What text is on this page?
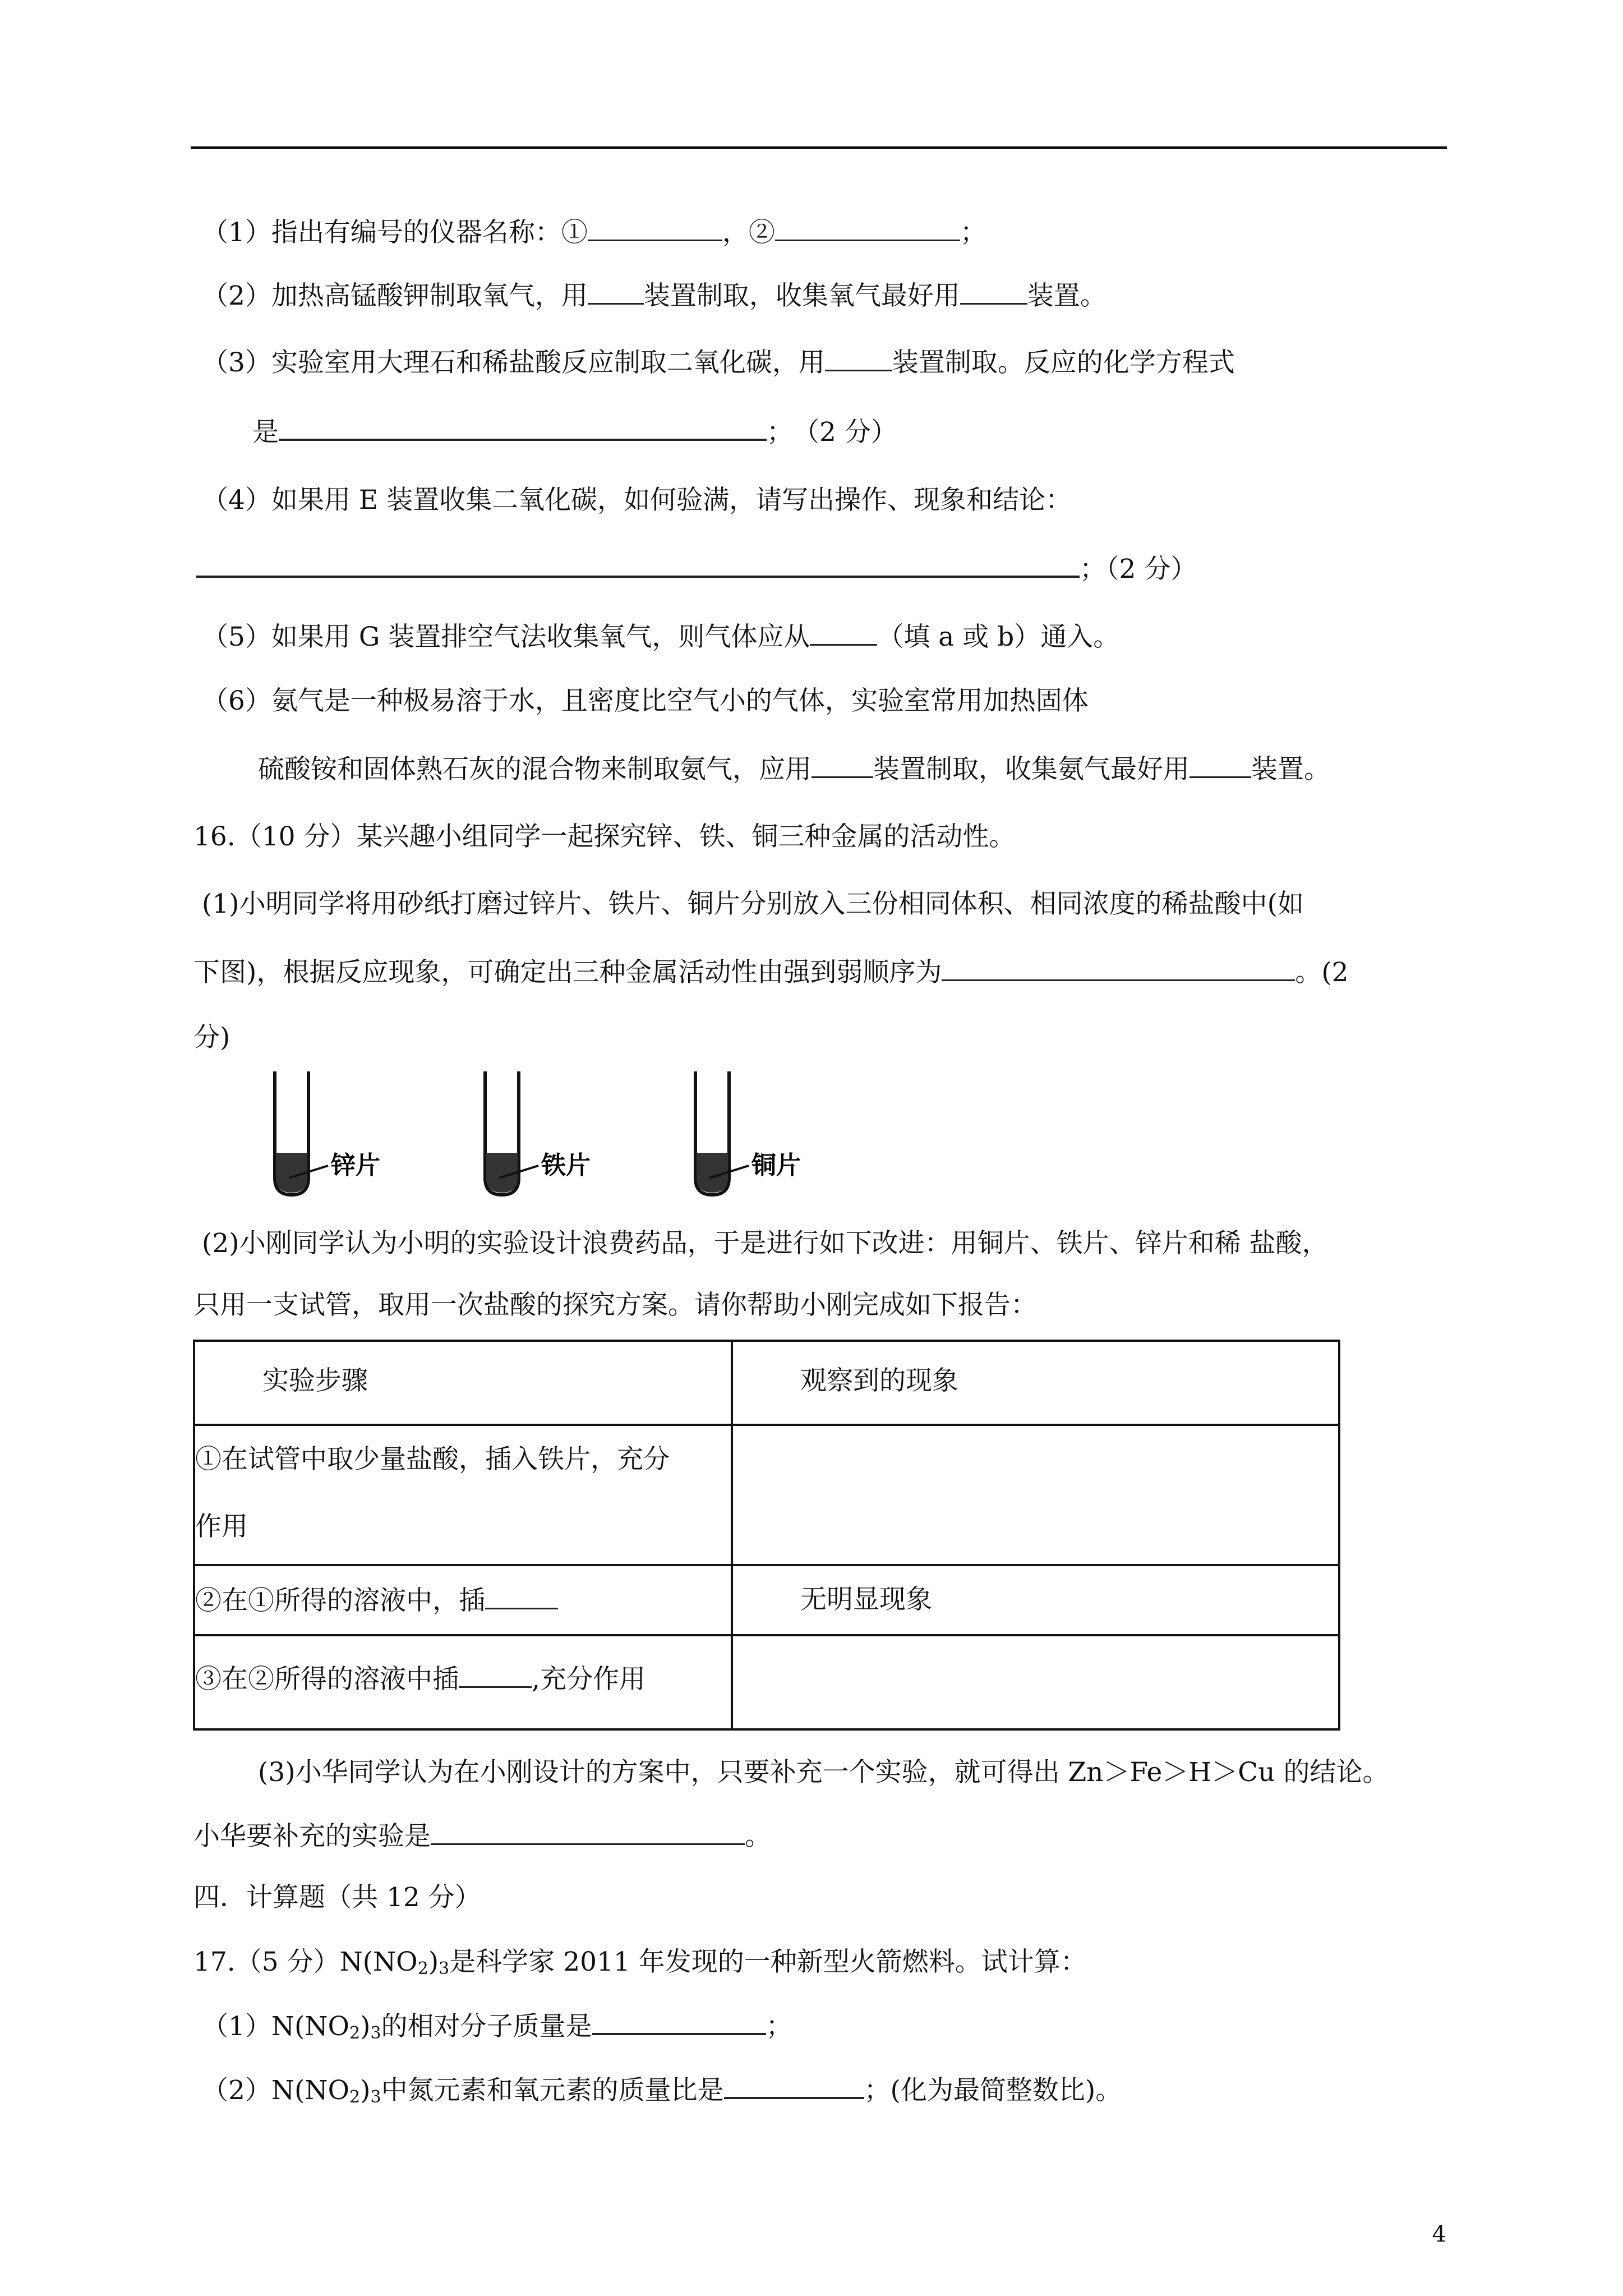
（1）指出有编号的仪器名称：①	，②	；
（2）加热高锰酸钾制取氧气，用 装置制取，收集氧气最好用	装置。
（3）实验室用大理石和稀盐酸反应制取二氧化碳，用	装置制取。反应的化学方程式
是	；　（2 分）
（4）如果用 E 装置收集二氧化碳，如何验满，请写出操作、现象和结论：
；（2 分）
（5）如果用 G 装置排空气法收集氧气，则气体应从	（填 a 或 b）通入。
（6）氨气是一种极易溶于水，且密度比空气小的气体，实验室常用加热固体
硫酸铵和固体熟石灰的混合物来制取氨气，应用 装置制取，收集氨气最好用 装置。
16.（10 分）某兴趣小组同学一起探究锌、铁、铜三种金属的活动性。
(1)小明同学将用砂纸打磨过锌片、铁片、铜片分别放入三份相同体积、相同浓度的稀盐酸中(如
下图)，根据反应现象，可确定出三种金属活动性由强到弱顺序为	。(2
分)
锌片	铁片	铜片
(2)小刚同学认为小明的实验设计浪费药品，于是进行如下改进：用铜片、铁片、锌片和稀 盐酸，
只用一支试管，取用一次盐酸的探究方案。请你帮助小刚完成如下报告：
实验步骤	观察到的现象

①在试管中取少量盐酸，插入铁片，充分
作用	

②在①所得的溶液中，插	无明显现象

③在②所得的溶液中插 ,充分作用	

(3)小华同学认为在小刚设计的方案中，只要补充一个实验，就可得出 Zn＞Fe＞H＞Cu 的结论。
小华要补充的实验是	。
四．计算题（共 12 分）
17.（5 分）$N(NO_2)_3$是科学家 2011 年发现的一种新型火箭燃料。试计算：
$(1)N(NO_2)_3$的相对分子质量是	；
$(2)N(NO_2)_3$中氮元素和氧元素的质量比是	；(化为最简整数比)。
4
